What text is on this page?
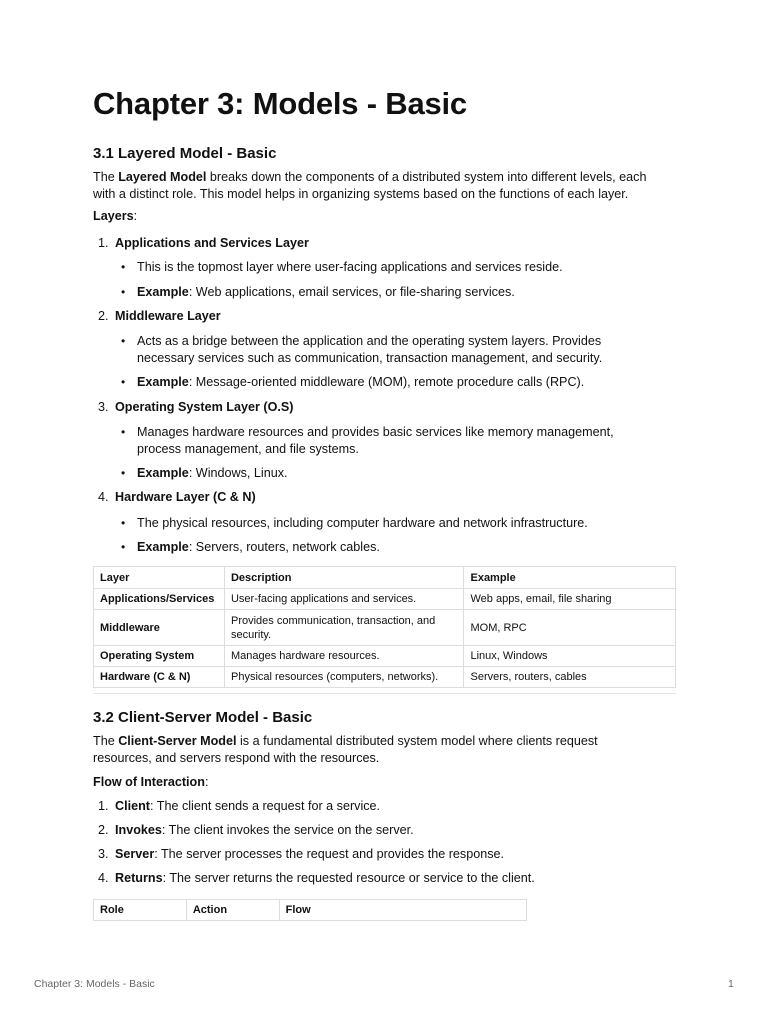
Chapter 3: Models - Basic
3.1 Layered Model - Basic

The Layered Model breaks down the components of a distributed system into different levels, each

with a distinct role. This model helps in organizing systems based on the functions of each layer.

Layers:

1. Applications and Services Layer
• This is the topmost layer where user-facing applications and services reside.
• Example: Web applications, email services, or file-sharing services.
2. Middleware Layer
• Acts as a bridge between the application and the operating system layers. Provides
necessary services such as communication, transaction management, and security.
• Example: Message-oriented middleware (MOM), remote procedure calls (RPC).
3. Operating System Layer (O.S)
• Manages hardware resources and provides basic services like memory management,
process management, and file systems.
• Example: Windows, Linux.
4. Hardware Layer (C & N)
• The physical resources, including computer hardware and network infrastructure.
• Example: Servers, routers, network cables.
Layer	Description	Example
Applications/Services	User-facing applications and services.	Web apps, email, file sharing
Middleware	Provides communication, transaction, and
security.	MOM, RPC
Operating System	Manages hardware resources.	Linux, Windows
Hardware (C & N)	Physical resources (computers, networks).	Servers, routers, cables
3.2 Client-Server Model - Basic

The Client-Server Model is a fundamental distributed system model where clients request

resources, and servers respond with the resources.

Flow of Interaction:

1. Client: The client sends a request for a service.
2. Invokes: The client invokes the service on the server.
3. Server: The server processes the request and provides the response.
4. Returns: The server returns the requested resource or service to the client.
Role	Action	Flow
Chapter 3: Models - Basic	1
